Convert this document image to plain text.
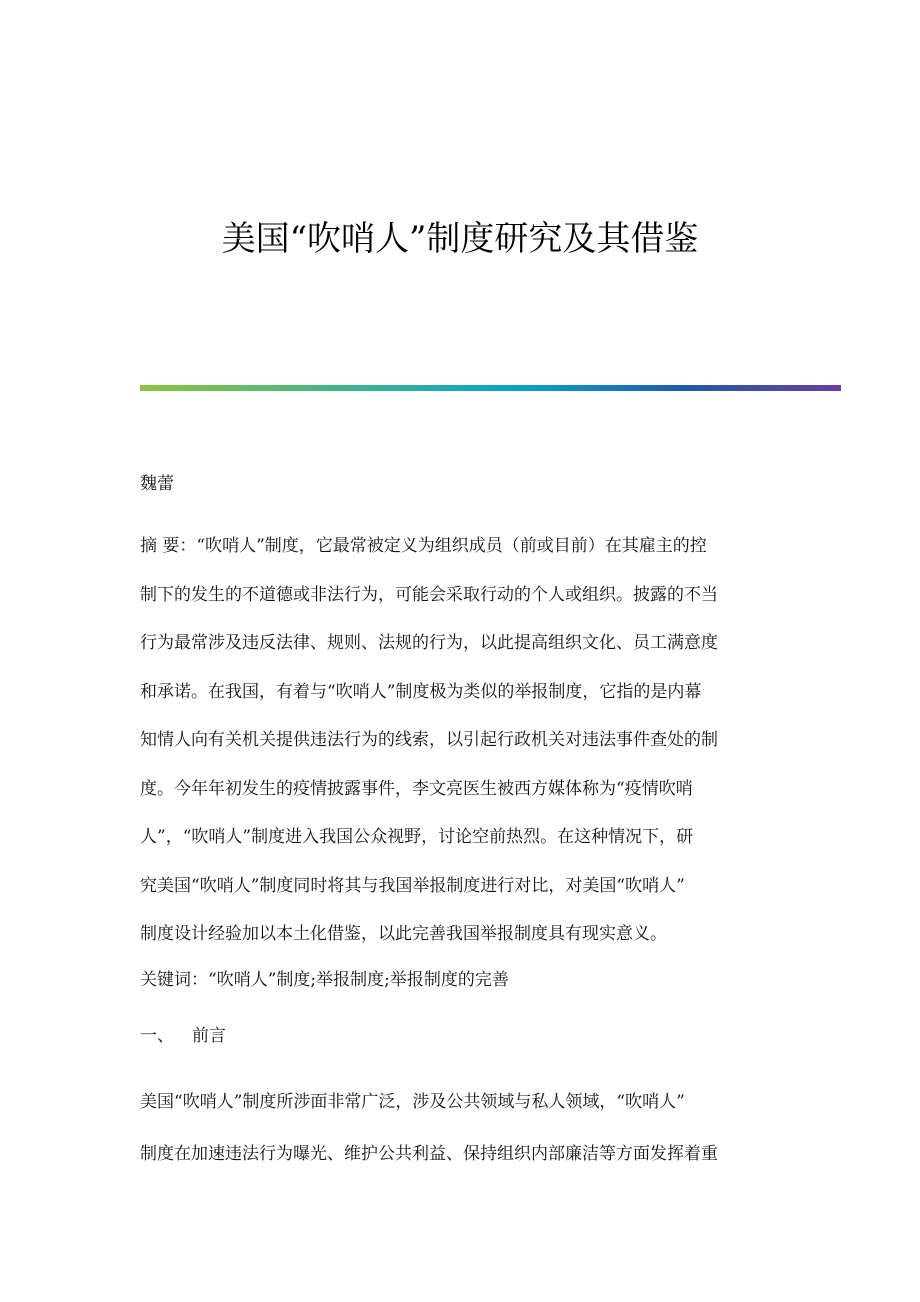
美国“吹哨人”制度研究及其借鉴
魏蕾
摘 要：“吹哨人”制度，它最常被定义为组织成员（前或目前）在其雇主的控
制下的发生的不道德或非法行为，可能会采取行动的个人或组织。披露的不当
行为最常涉及违反法律、规则、法规的行为，以此提高组织文化、员工满意度
和承诺。在我国，有着与“吹哨人”制度极为类似的举报制度，它指的是内幕
知情人向有关机关提供违法行为的线索，以引起行政机关对违法事件查处的制
度。今年年初发生的疫情披露事件，李文亮医生被西方媒体称为“疫情吹哨
人”，“吹哨人”制度进入我国公众视野，讨论空前热烈。在这种情况下，研
究美国“吹哨人”制度同时将其与我国举报制度进行对比，对美国“吹哨人”
制度设计经验加以本土化借鉴，以此完善我国举报制度具有现实意义。
关键词：“吹哨人”制度;举报制度;举报制度的完善
一、 前言
美国“吹哨人”制度所涉面非常广泛，涉及公共领域与私人领域，“吹哨人”
制度在加速违法行为曝光、维护公共利益、保持组织内部廉洁等方面发挥着重
